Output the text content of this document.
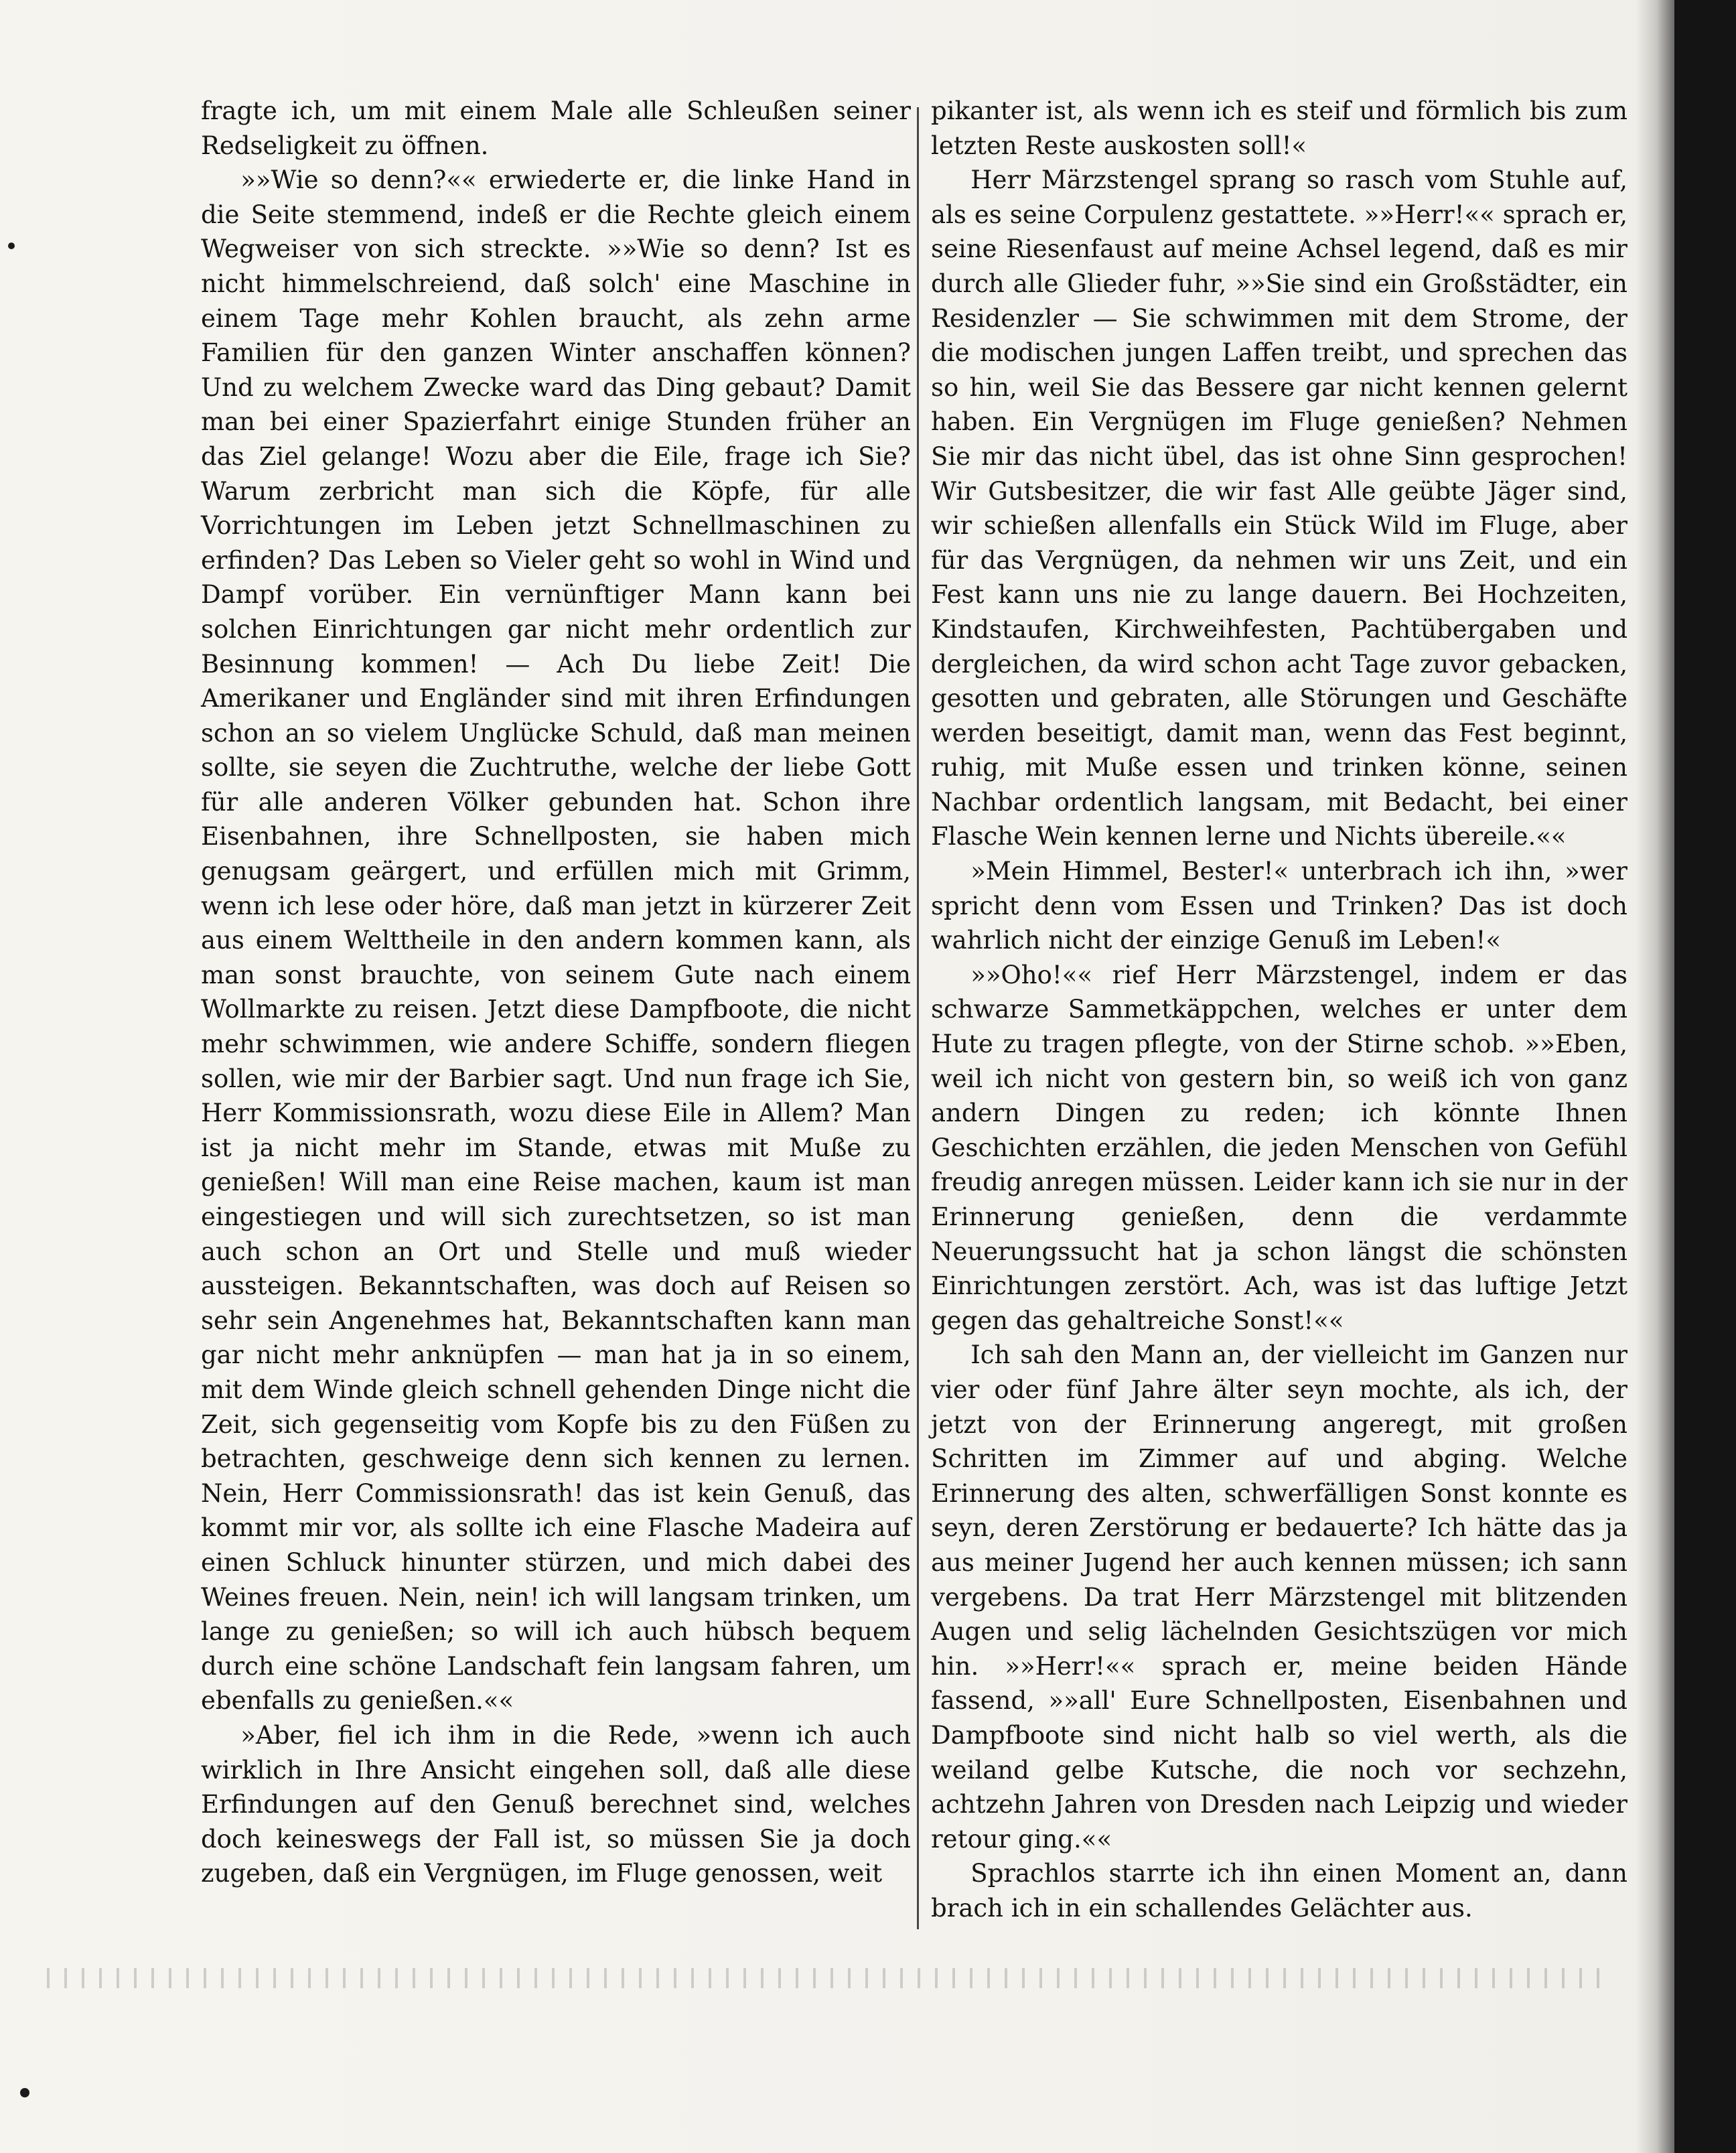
fragte ich, um mit einem Male alle Schleußen seiner Redseligkeit zu öffnen.

»»Wie so denn?«« erwiederte er, die linke Hand in die Seite stemmend, indeß er die Rechte gleich einem Wegweiser von sich streckte. »»Wie so denn? Ist es nicht himmelschreiend, daß solch' eine Maschine in einem Tage mehr Kohlen braucht, als zehn arme Familien für den ganzen Winter anschaffen können? Und zu welchem Zwecke ward das Ding gebaut? Damit man bei einer Spazierfahrt einige Stunden früher an das Ziel gelange! Wozu aber die Eile, frage ich Sie? Warum zerbricht man sich die Köpfe, für alle Vorrichtungen im Leben jetzt Schnellmaschinen zu erfinden? Das Leben so Vieler geht so wohl in Wind und Dampf vorüber. Ein vernünftiger Mann kann bei solchen Einrichtungen gar nicht mehr ordentlich zur Besinnung kommen! — Ach Du liebe Zeit! Die Amerikaner und Engländer sind mit ihren Erfindungen schon an so vielem Unglücke Schuld, daß man meinen sollte, sie seyen die Zuchtruthe, welche der liebe Gott für alle anderen Völker gebunden hat. Schon ihre Eisenbahnen, ihre Schnellposten, sie haben mich genugsam geärgert, und erfüllen mich mit Grimm, wenn ich lese oder höre, daß man jetzt in kürzerer Zeit aus einem Welttheile in den andern kommen kann, als man sonst brauchte, von seinem Gute nach einem Wollmarkte zu reisen. Jetzt diese Dampfboote, die nicht mehr schwimmen, wie andere Schiffe, sondern fliegen sollen, wie mir der Barbier sagt. Und nun frage ich Sie, Herr Kommissionsrath, wozu diese Eile in Allem? Man ist ja nicht mehr im Stande, etwas mit Muße zu genießen! Will man eine Reise machen, kaum ist man eingestiegen und will sich zurechtsetzen, so ist man auch schon an Ort und Stelle und muß wieder aussteigen. Bekanntschaften, was doch auf Reisen so sehr sein Angenehmes hat, Bekanntschaften kann man gar nicht mehr anknüpfen — man hat ja in so einem, mit dem Winde gleich schnell gehenden Dinge nicht die Zeit, sich gegenseitig vom Kopfe bis zu den Füßen zu betrachten, geschweige denn sich kennen zu lernen. Nein, Herr Commissionsrath! das ist kein Genuß, das kommt mir vor, als sollte ich eine Flasche Madeira auf einen Schluck hinunter stürzen, und mich dabei des Weines freuen. Nein, nein! ich will langsam trinken, um lange zu genießen; so will ich auch hübsch bequem durch eine schöne Landschaft fein langsam fahren, um ebenfalls zu genießen.««

»Aber, fiel ich ihm in die Rede, »wenn ich auch wirklich in Ihre Ansicht eingehen soll, daß alle diese Erfindungen auf den Genuß berechnet sind, welches doch keineswegs der Fall ist, so müssen Sie ja doch zugeben, daß ein Vergnügen, im Fluge genossen, weit

pikanter ist, als wenn ich es steif und förmlich bis zum letzten Reste auskosten soll!«

Herr Märzstengel sprang so rasch vom Stuhle auf, als es seine Corpulenz gestattete. »»Herr!«« sprach er, seine Riesenfaust auf meine Achsel legend, daß es mir durch alle Glieder fuhr, »»Sie sind ein Großstädter, ein Residenzler — Sie schwimmen mit dem Strome, der die modischen jungen Laffen treibt, und sprechen das so hin, weil Sie das Bessere gar nicht kennen gelernt haben. Ein Vergnügen im Fluge genießen? Nehmen Sie mir das nicht übel, das ist ohne Sinn gesprochen! Wir Gutsbesitzer, die wir fast Alle geübte Jäger sind, wir schießen allenfalls ein Stück Wild im Fluge, aber für das Vergnügen, da nehmen wir uns Zeit, und ein Fest kann uns nie zu lange dauern. Bei Hochzeiten, Kindstaufen, Kirchweihfesten, Pachtübergaben und dergleichen, da wird schon acht Tage zuvor gebacken, gesotten und gebraten, alle Störungen und Geschäfte werden beseitigt, damit man, wenn das Fest beginnt, ruhig, mit Muße essen und trinken könne, seinen Nachbar ordentlich langsam, mit Bedacht, bei einer Flasche Wein kennen lerne und Nichts übereile.««

»Mein Himmel, Bester!« unterbrach ich ihn, »wer spricht denn vom Essen und Trinken? Das ist doch wahrlich nicht der einzige Genuß im Leben!«

»»Oho!«« rief Herr Märzstengel, indem er das schwarze Sammetkäppchen, welches er unter dem Hute zu tragen pflegte, von der Stirne schob. »»Eben, weil ich nicht von gestern bin, so weiß ich von ganz andern Dingen zu reden; ich könnte Ihnen Geschichten erzählen, die jeden Menschen von Gefühl freudig anregen müssen. Leider kann ich sie nur in der Erinnerung genießen, denn die verdammte Neuerungssucht hat ja schon längst die schönsten Einrichtungen zerstört. Ach, was ist das luftige Jetzt gegen das gehaltreiche Sonst!««

Ich sah den Mann an, der vielleicht im Ganzen nur vier oder fünf Jahre älter seyn mochte, als ich, der jetzt von der Erinnerung angeregt, mit großen Schritten im Zimmer auf und abging. Welche Erinnerung des alten, schwerfälligen Sonst konnte es seyn, deren Zerstörung er bedauerte? Ich hätte das ja aus meiner Jugend her auch kennen müssen; ich sann vergebens. Da trat Herr Märzstengel mit blitzenden Augen und selig lächelnden Gesichtszügen vor mich hin. »»Herr!«« sprach er, meine beiden Hände fassend, »»all' Eure Schnellposten, Eisenbahnen und Dampfboote sind nicht halb so viel werth, als die weiland gelbe Kutsche, die noch vor sechzehn, achtzehn Jahren von Dresden nach Leipzig und wieder retour ging.««

Sprachlos starrte ich ihn einen Moment an, dann brach ich in ein schallendes Gelächter aus.
